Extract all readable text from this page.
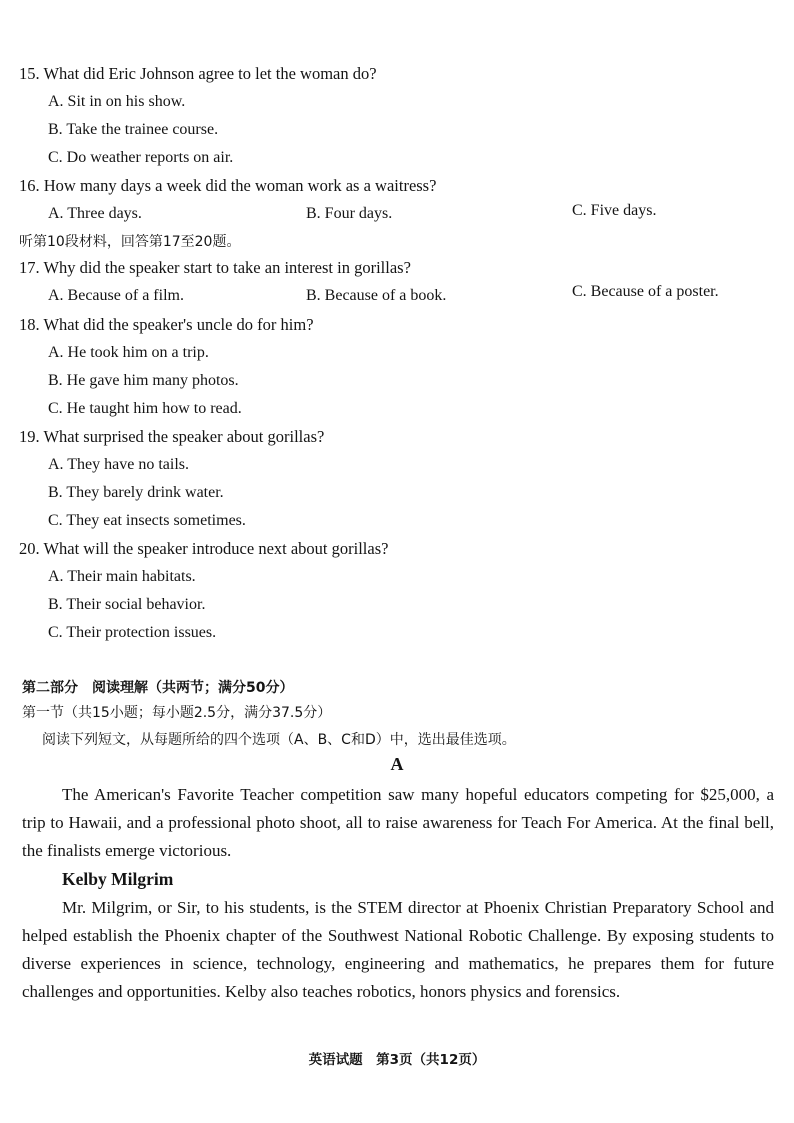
15. What did Eric Johnson agree to let the woman do?
A. Sit in on his show.
B. Take the trainee course.
C. Do weather reports on air.
16. How many days a week did the woman work as a waitress?
A. Three days.	B. Four days.	C. Five days.
听第10段材料，回答第17至20题。
17. Why did the speaker start to take an interest in gorillas?
A. Because of a film.	B. Because of a book.	C. Because of a poster.
18. What did the speaker's uncle do for him?
A. He took him on a trip.
B. He gave him many photos.
C. He taught him how to read.
19. What surprised the speaker about gorillas?
A. They have no tails.
B. They barely drink water.
C. They eat insects sometimes.
20. What will the speaker introduce next about gorillas?
A. Their main habitats.
B. Their social behavior.
C. Their protection issues.
第二部分　阅读理解（共两节；满分50分）
第一节（共15小题；每小题2.5分，满分37.5分）
阅读下列短文，从每题所给的四个选项（A、B、C和D）中，选出最佳选项。
A
The American's Favorite Teacher competition saw many hopeful educators competing for $25,000, a trip to Hawaii, and a professional photo shoot, all to raise awareness for Teach For America. At the final bell, the finalists emerge victorious.
Kelby Milgrim
Mr. Milgrim, or Sir, to his students, is the STEM director at Phoenix Christian Preparatory School and helped establish the Phoenix chapter of the Southwest National Robotic Challenge. By exposing students to diverse experiences in science, technology, engineering and mathematics, he prepares them for future challenges and opportunities. Kelby also teaches robotics, honors physics and forensics.
英语试题　第3页（共12页）
